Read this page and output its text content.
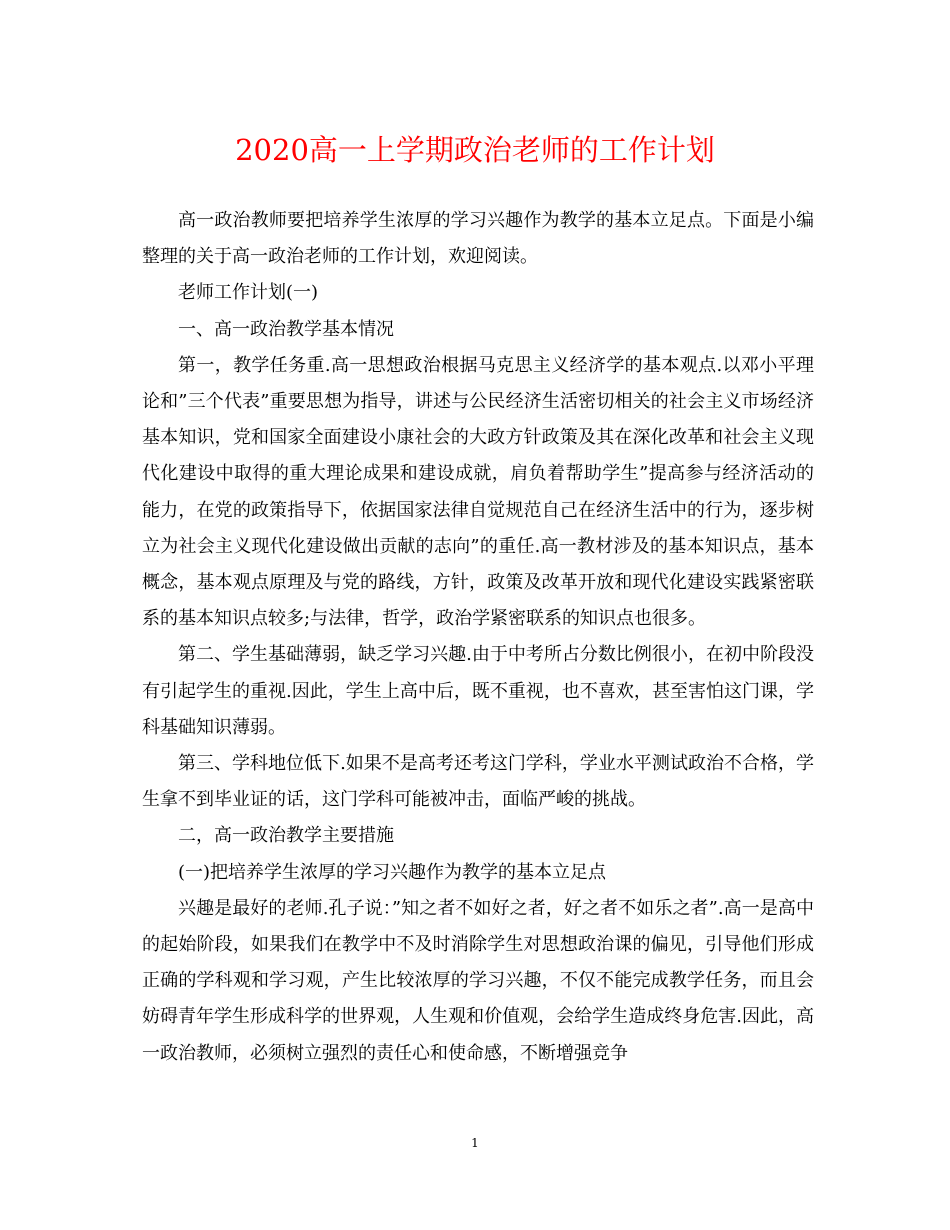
2020高一上学期政治老师的工作计划

高一政治教师要把培养学生浓厚的学习兴趣作为教学的基本立足点。下面是小编整理的关于高一政治老师的工作计划，欢迎阅读。

老师工作计划(一)

一、高一政治教学基本情况

第一，教学任务重.高一思想政治根据马克思主义经济学的基本观点.以邓小平理论和”三个代表”重要思想为指导，讲述与公民经济生活密切相关的社会主义市场经济基本知识，党和国家全面建设小康社会的大政方针政策及其在深化改革和社会主义现代化建设中取得的重大理论成果和建设成就，肩负着帮助学生”提高参与经济活动的能力，在党的政策指导下，依据国家法律自觉规范自己在经济生活中的行为，逐步树立为社会主义现代化建设做出贡献的志向”的重任.高一教材涉及的基本知识点，基本概念，基本观点原理及与党的路线，方针，政策及改革开放和现代化建设实践紧密联系的基本知识点较多;与法律，哲学，政治学紧密联系的知识点也很多。

第二、学生基础薄弱，缺乏学习兴趣.由于中考所占分数比例很小，在初中阶段没有引起学生的重视.因此，学生上高中后，既不重视，也不喜欢，甚至害怕这门课，学科基础知识薄弱。

第三、学科地位低下.如果不是高考还考这门学科，学业水平测试政治不合格，学生拿不到毕业证的话，这门学科可能被冲击，面临严峻的挑战。

二，高一政治教学主要措施

(一)把培养学生浓厚的学习兴趣作为教学的基本立足点

兴趣是最好的老师.孔子说：”知之者不如好之者，好之者不如乐之者”.高一是高中的起始阶段，如果我们在教学中不及时消除学生对思想政治课的偏见，引导他们形成正确的学科观和学习观，产生比较浓厚的学习兴趣，不仅不能完成教学任务，而且会妨碍青年学生形成科学的世界观，人生观和价值观，会给学生造成终身危害.因此，高一政治教师，必须树立强烈的责任心和使命感，不断增强竞争

1
